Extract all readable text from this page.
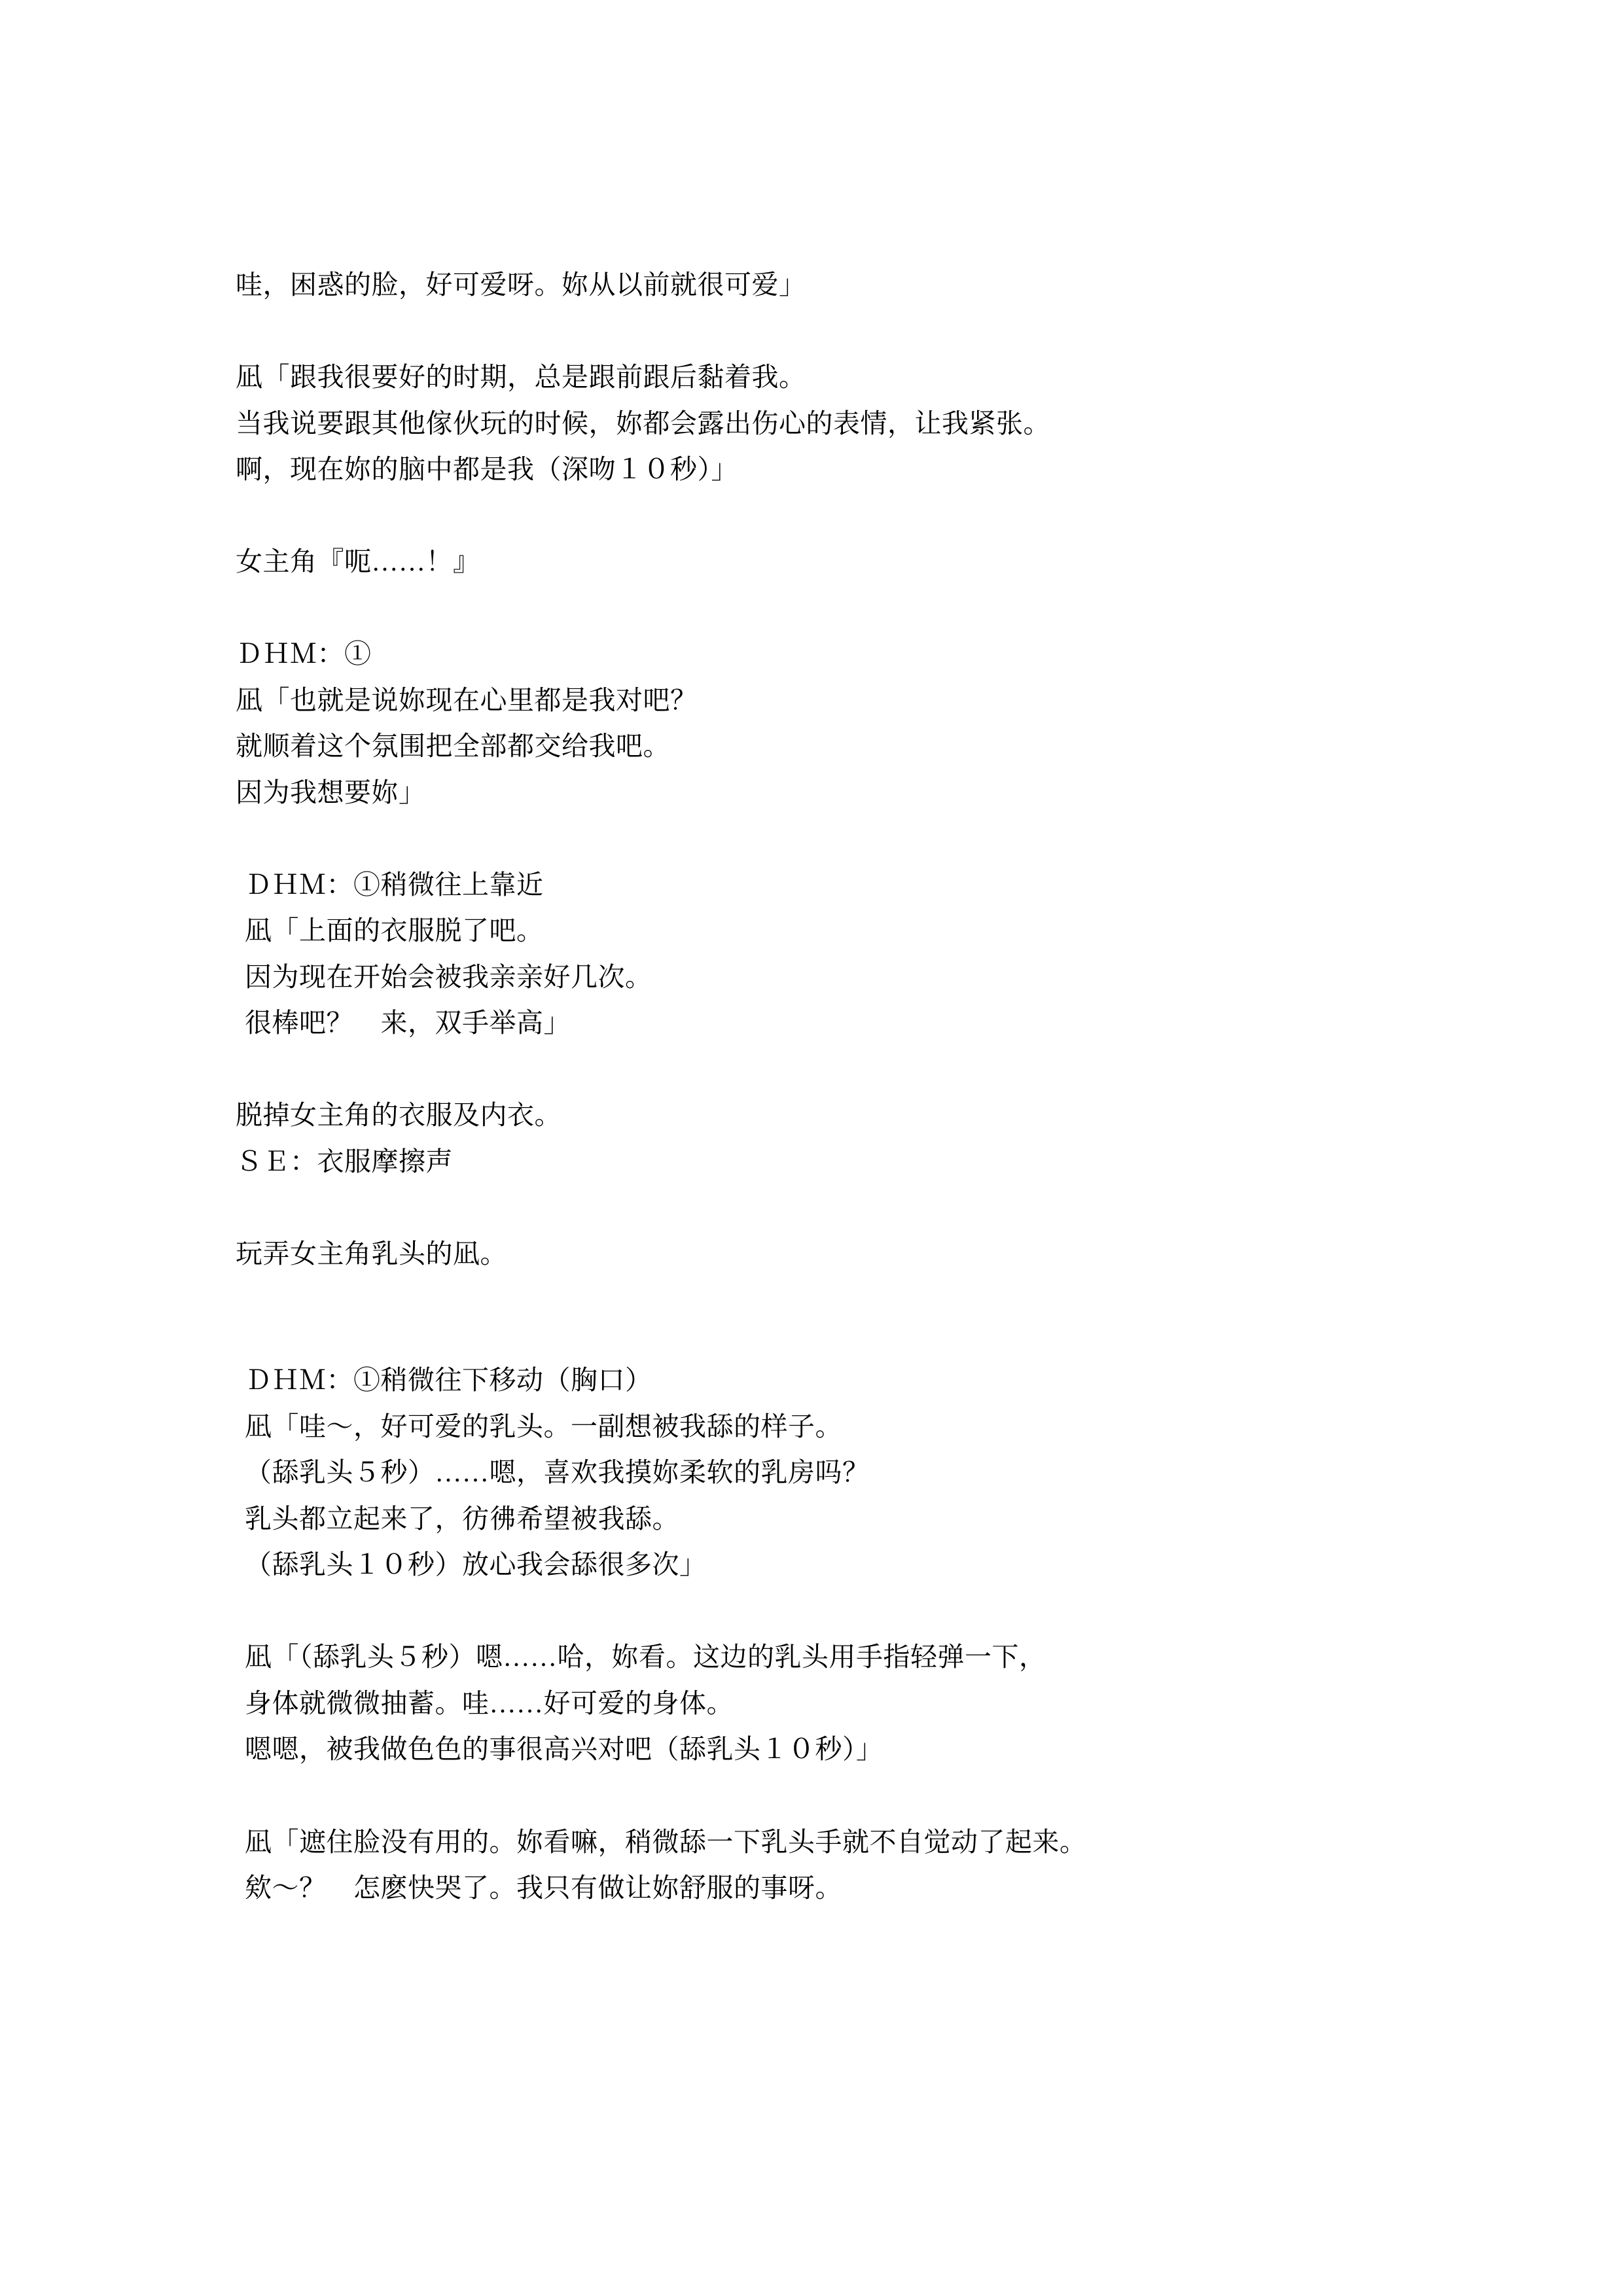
哇，困惑的脸，好可爱呀。妳从以前就很可爱」
凪「跟我很要好的时期，总是跟前跟后黏着我。
当我说要跟其他傢伙玩的时候，妳都会露出伤心的表情，让我紧张。
啊，现在妳的脑中都是我（深吻１０秒）」
女主角『呃……！』
ＤＨＭ：①
凪「也就是说妳现在心里都是我对吧？
就顺着这个氛围把全部都交给我吧。
因为我想要妳」
ＤＨＭ：①稍微往上靠近
凪「上面的衣服脱了吧。
因为现在开始会被我亲亲好几次。
很棒吧？　来，双手举高」
脱掉女主角的衣服及内衣。
ＳＥ：衣服摩擦声
玩弄女主角乳头的凪。
ＤＨＭ：①稍微往下移动（胸口）
凪「哇～，好可爱的乳头。一副想被我舔的样子。
（舔乳头５秒）……嗯，喜欢我摸妳柔软的乳房吗？
乳头都立起来了，彷彿希望被我舔。
（舔乳头１０秒）放心我会舔很多次」
凪「（舔乳头５秒）嗯……哈，妳看。这边的乳头用手指轻弹一下，
身体就微微抽蓄。哇……好可爱的身体。
嗯嗯，被我做色色的事很高兴对吧（舔乳头１０秒）」
凪「遮住脸没有用的。妳看嘛，稍微舔一下乳头手就不自觉动了起来。
欸～？　怎麽快哭了。我只有做让妳舒服的事呀。
